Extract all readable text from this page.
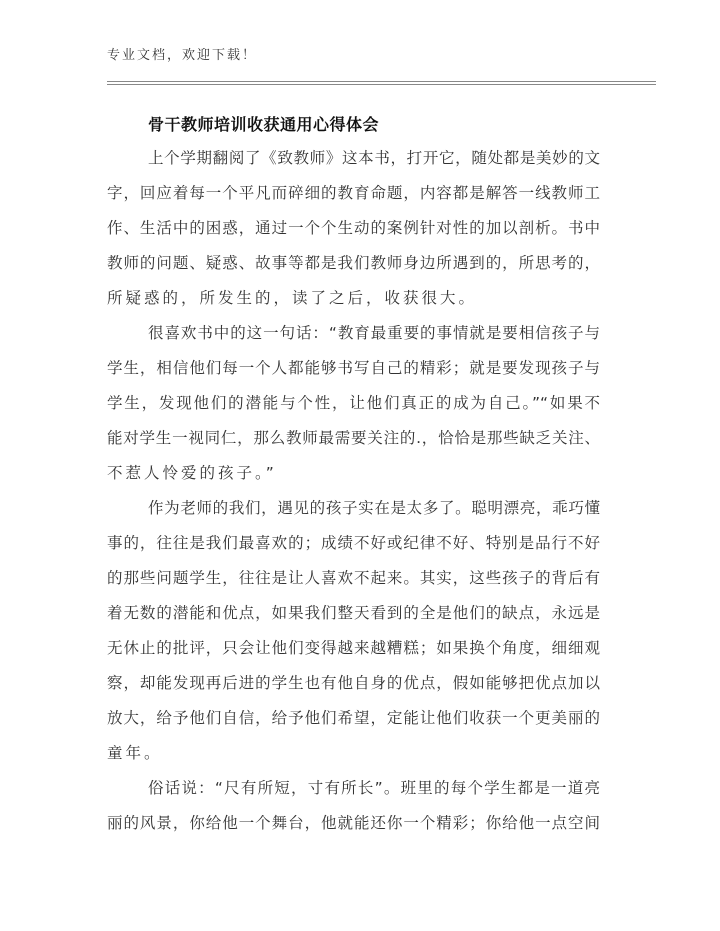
专业文档，欢迎下载！
骨干教师培训收获通用心得体会
上个学期翻阅了《致教师》这本书，打开它，随处都是美妙的文
字，回应着每一个平凡而碎细的教育命题，内容都是解答一线教师工
作、生活中的困惑，通过一个个生动的案例针对性的加以剖析。书中
教师的问题、疑惑、故事等都是我们教师身边所遇到的，所思考的，
所疑惑的，所发生的，读了之后，收获很大。
很喜欢书中的这一句话：“教育最重要的事情就是要相信孩子与
学生，相信他们每一个人都能够书写自己的精彩；就是要发现孩子与
学生，发现他们的潜能与个性，让他们真正的成为自己。”“如果不
能对学生一视同仁，那么教师最需要关注的.，恰恰是那些缺乏关注、
不惹人怜爱的孩子。”
作为老师的我们，遇见的孩子实在是太多了。聪明漂亮，乖巧懂
事的，往往是我们最喜欢的；成绩不好或纪律不好、特别是品行不好
的那些问题学生，往往是让人喜欢不起来。其实，这些孩子的背后有
着无数的潜能和优点，如果我们整天看到的全是他们的缺点，永远是
无休止的批评，只会让他们变得越来越糟糕；如果换个角度，细细观
察，却能发现再后进的学生也有他自身的优点，假如能够把优点加以
放大，给予他们自信，给予他们希望，定能让他们收获一个更美丽的
童年。
俗话说：“尺有所短，寸有所长”。班里的每个学生都是一道亮
丽的风景，你给他一个舞台，他就能还你一个精彩；你给他一点空间
